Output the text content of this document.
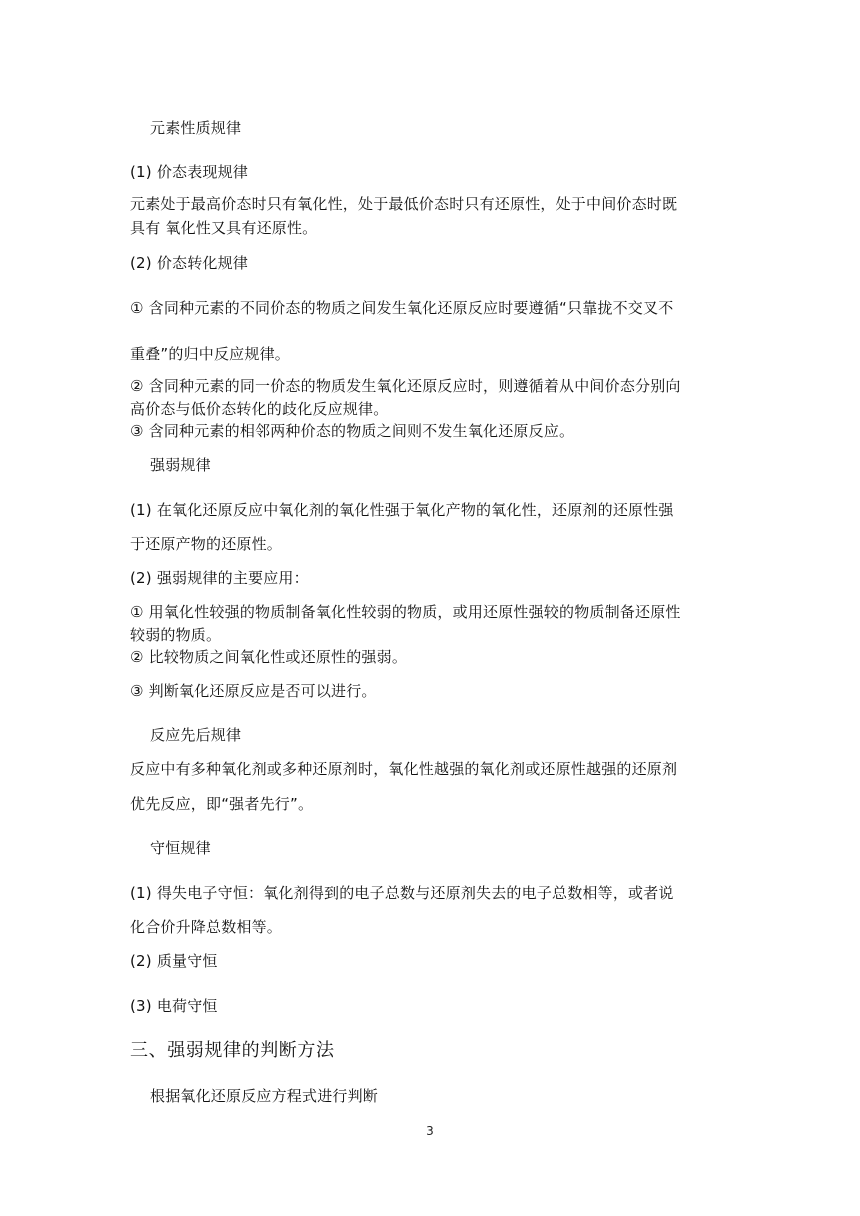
元素性质规律
(1) 价态表现规律
元素处于最高价态时只有氧化性，处于最低价态时只有还原性，处于中间价态时既
具有 氧化性又具有还原性。
(2) 价态转化规律
① 含同种元素的不同价态的物质之间发生氧化还原反应时要遵循“只靠拢不交叉不
重叠”的归中反应规律。
② 含同种元素的同一价态的物质发生氧化还原反应时，则遵循着从中间价态分别向
高价态与低价态转化的歧化反应规律。
③ 含同种元素的相邻两种价态的物质之间则不发生氧化还原反应。
强弱规律
(1) 在氧化还原反应中氧化剂的氧化性强于氧化产物的氧化性，还原剂的还原性强
于还原产物的还原性。
(2) 强弱规律的主要应用：
① 用氧化性较强的物质制备氧化性较弱的物质，或用还原性强较的物质制备还原性
较弱的物质。
② 比较物质之间氧化性或还原性的强弱。
③ 判断氧化还原反应是否可以进行。
反应先后规律
反应中有多种氧化剂或多种还原剂时，氧化性越强的氧化剂或还原性越强的还原剂
优先反应，即“强者先行”。
守恒规律
(1) 得失电子守恒：氧化剂得到的电子总数与还原剂失去的电子总数相等，或者说
化合价升降总数相等。
(2) 质量守恒
(3) 电荷守恒
三、强弱规律的判断方法
根据氧化还原反应方程式进行判断
3
